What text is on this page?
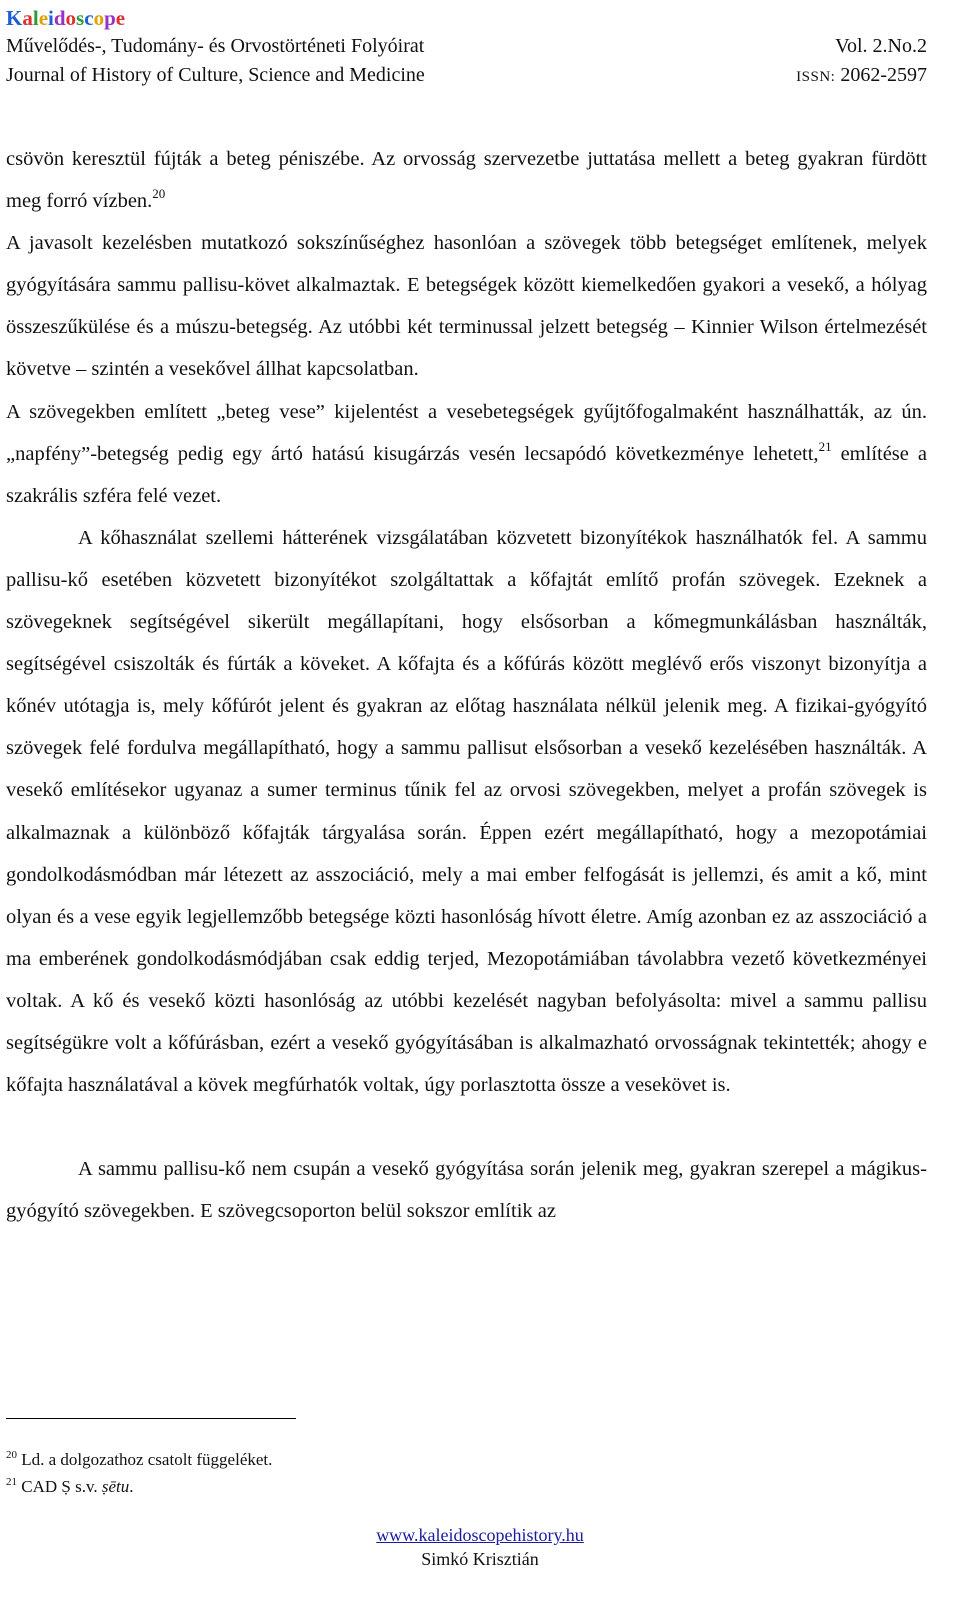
Kaleidoscope
Művelődés-, Tudomány- és Orvostörténeti Folyóirat	Vol. 2.No.2
Journal of History of Culture, Science and Medicine	ISSN: 2062-2597

csövön keresztül fújták a beteg péniszébe. Az orvosság szervezetbe juttatása mellett a beteg gyakran fürdött meg forró vízben.$^{20}$

A javasolt kezelésben mutatkozó sokszínűséghez hasonlóan a szövegek több betegséget említenek, melyek gyógyítására sammu pallisu-követ alkalmaztak. E betegségek között kiemelkedően gyakori a vesekő, a hólyag összeszűkülése és a múszu-betegség. Az utóbbi két terminussal jelzett betegség – Kinnier Wilson értelmezését követve – szintén a vesekővel állhat kapcsolatban.

A szövegekben említett „beteg vese” kijelentést a vesebetegségek gyűjtőfogalmaként használhatták, az ún. „napfény”-betegség pedig egy ártó hatású kisugárzás vesén lecsapódó következménye lehetett,$^{21}$ említése a szakrális szféra felé vezet.

A kőhasználat szellemi hátterének vizsgálatában közvetett bizonyítékok használhatók fel. A sammu pallisu-kő esetében közvetett bizonyítékot szolgáltattak a kőfajtát említő profán szövegek. Ezeknek a szövegeknek segítségével sikerült megállapítani, hogy elsősorban a kőmegmunkálásban használták, segítségével csiszolták és fúrták a köveket. A kőfajta és a kőfúrás között meglévő erős viszonyt bizonyítja a kőnév utótagja is, mely kőfúrót jelent és gyakran az előtag használata nélkül jelenik meg. A fizikai-gyógyító szövegek felé fordulva megállapítható, hogy a sammu pallisut elsősorban a vesekő kezelésében használták. A vesekő említésekor ugyanaz a sumer terminus tűnik fel az orvosi szövegekben, melyet a profán szövegek is alkalmaznak a különböző kőfajták tárgyalása során. Éppen ezért megállapítható, hogy a mezopotámiai gondolkodásmódban már létezett az asszociáció, mely a mai ember felfogását is jellemzi, és amit a kő, mint olyan és a vese egyik legjellemzőbb betegsége közti hasonlóság hívott életre. Amíg azonban ez az asszociáció a ma emberének gondolkodásmódjában csak eddig terjed, Mezopotámiában távolabbra vezető következményei voltak. A kő és vesekő közti hasonlóság az utóbbi kezelését nagyban befolyásolta: mivel a sammu pallisu segítségükre volt a kőfúrásban, ezért a vesekő gyógyításában is alkalmazható orvosságnak tekintették; ahogy e kőfajta használatával a kövek megfúrhatók voltak, úgy porlasztotta össze a vesekövet is.

A sammu pallisu-kő nem csupán a vesekő gyógyítása során jelenik meg, gyakran szerepel a mágikus-gyógyító szövegekben. E szövegcsoporton belül sokszor említik az

$^{20}$ Ld. a dolgozathoz csatolt függeléket.

$^{21}$ CAD Ṣ s.v. ṣētu.

www.kaleidoscopehistory.hu
Simkó Krisztián
